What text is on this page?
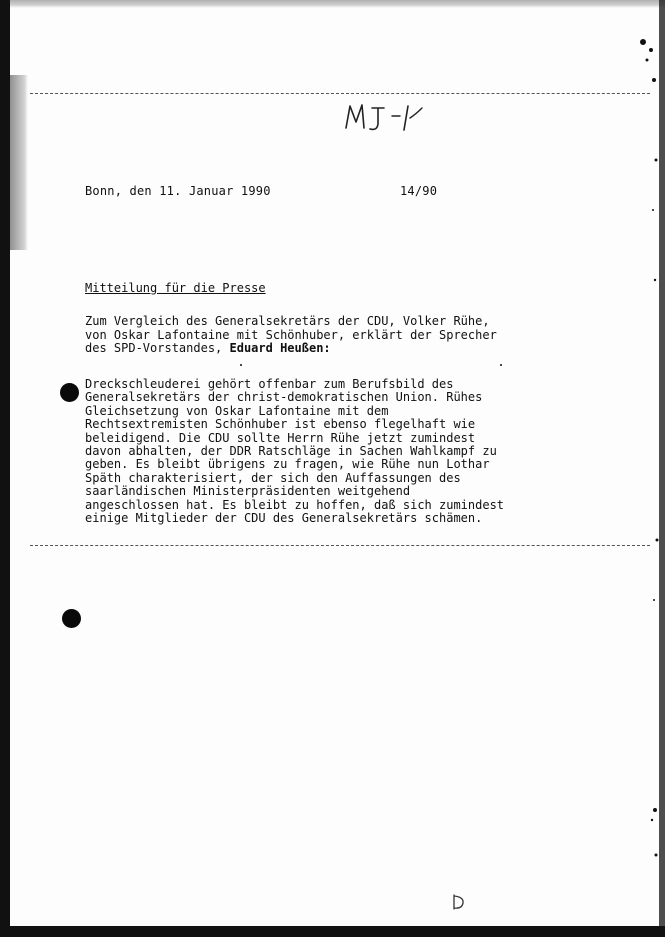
Bonn, den 11. Januar 1990	14/90
Mitteilung für die Presse
Zum Vergleich des Generalsekretärs der CDU, Volker Rühe,
von Oskar Lafontaine mit Schönhuber, erklärt der Sprecher
des SPD-Vorstandes, Eduard Heußen:
Dreckschleuderei gehört offenbar zum Berufsbild des
Generalsekretärs der christ-demokratischen Union. Rühes
Gleichsetzung von Oskar Lafontaine mit dem
Rechtsextremisten Schönhuber ist ebenso flegelhaft wie
beleidigend. Die CDU sollte Herrn Rühe jetzt zumindest
davon abhalten, der DDR Ratschläge in Sachen Wahlkampf zu
geben. Es bleibt übrigens zu fragen, wie Rühe nun Lothar
Späth charakterisiert, der sich den Auffassungen des
saarländischen Ministerpräsidenten weitgehend
angeschlossen hat. Es bleibt zu hoffen, daß sich zumindest
einige Mitglieder der CDU des Generalsekretärs schämen.
